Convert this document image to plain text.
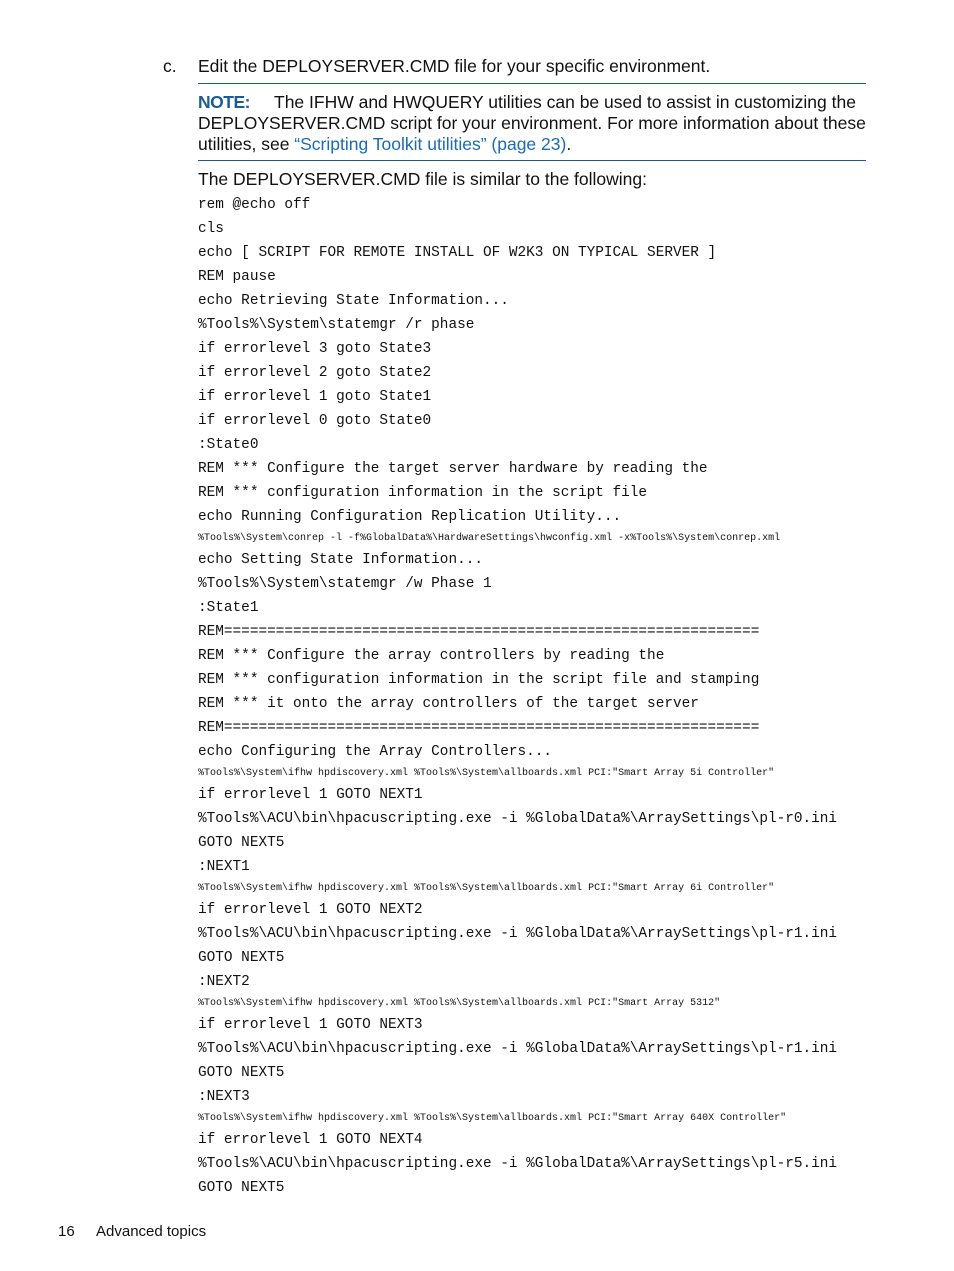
c. Edit the DEPLOYSERVER.CMD file for your specific environment.
NOTE: The IFHW and HWQUERY utilities can be used to assist in customizing the DEPLOYSERVER.CMD script for your environment. For more information about these utilities, see “Scripting Toolkit utilities” (page 23).
The DEPLOYSERVER.CMD file is similar to the following:
rem @echo off
cls
echo [ SCRIPT FOR REMOTE INSTALL OF W2K3 ON TYPICAL SERVER ]
REM pause
echo Retrieving State Information...
%Tools%\System\statemgr /r phase
if errorlevel 3 goto State3
if errorlevel 2 goto State2
if errorlevel 1 goto State1
if errorlevel 0 goto State0
:State0
REM *** Configure the target server hardware by reading the
REM *** configuration information in the script file
echo Running Configuration Replication Utility...
%Tools%\System\conrep -l -f%GlobalData%\HardwareSettings\hwconfig.xml -x%Tools%\System\conrep.xml
echo Setting State Information...
%Tools%\System\statemgr /w Phase 1
:State1
REM==============================================================
REM *** Configure the array controllers by reading the
REM *** configuration information in the script file and stamping
REM *** it onto the array controllers of the target server
REM==============================================================
echo Configuring the Array Controllers...
%Tools%\System\ifhw hpdiscovery.xml %Tools%\System\allboards.xml PCI:"Smart Array 5i Controller"
if errorlevel 1 GOTO NEXT1
%Tools%\ACU\bin\hpacuscripting.exe -i %GlobalData%\ArraySettings\pl-r0.ini
GOTO NEXT5
:NEXT1
%Tools%\System\ifhw hpdiscovery.xml %Tools%\System\allboards.xml PCI:"Smart Array 6i Controller"
if errorlevel 1 GOTO NEXT2
%Tools%\ACU\bin\hpacuscripting.exe -i %GlobalData%\ArraySettings\pl-r1.ini
GOTO NEXT5
:NEXT2
%Tools%\System\ifhw hpdiscovery.xml %Tools%\System\allboards.xml PCI:"Smart Array 5312"
if errorlevel 1 GOTO NEXT3
%Tools%\ACU\bin\hpacuscripting.exe -i %GlobalData%\ArraySettings\pl-r1.ini
GOTO NEXT5
:NEXT3
%Tools%\System\ifhw hpdiscovery.xml %Tools%\System\allboards.xml PCI:"Smart Array 640X Controller"
if errorlevel 1 GOTO NEXT4
%Tools%\ACU\bin\hpacuscripting.exe -i %GlobalData%\ArraySettings\pl-r5.ini
GOTO NEXT5
16 Advanced topics
